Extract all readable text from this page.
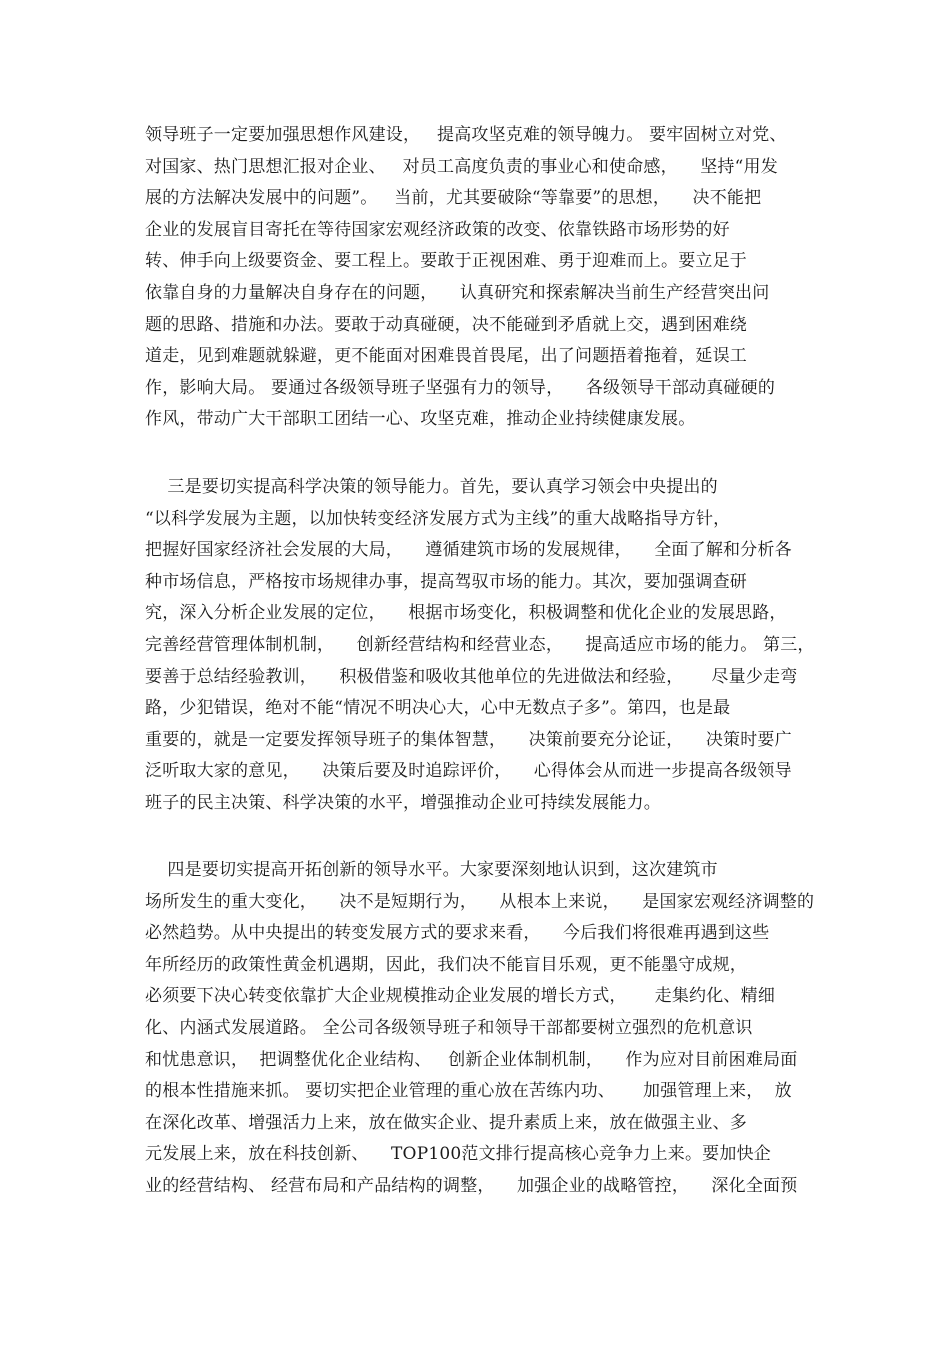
领导班子一定要加强思想作风建设，   提高攻坚克难的领导魄力。 要牢固树立对党、
对国家、热门思想汇报对企业、   对员工高度负责的事业心和使命感，    坚持“用发
展的方法解决发展中的问题”。   当前，尤其要破除“等靠要”的思想，    决不能把
企业的发展盲目寄托在等待国家宏观经济政策的改变、依靠铁路市场形势的好
转、伸手向上级要资金、要工程上。要敢于正视困难、勇于迎难而上。要立足于
依靠自身的力量解决自身存在的问题，    认真研究和探索解决当前生产经营突出问
题的思路、措施和办法。要敢于动真碰硬，决不能碰到矛盾就上交，遇到困难绕
道走，见到难题就躲避，更不能面对困难畏首畏尾，出了问题捂着拖着，延误工
作，影响大局。 要通过各级领导班子坚强有力的领导，    各级领导干部动真碰硬的
作风，带动广大干部职工团结一心、攻坚克难，推动企业持续健康发展。
三是要切实提高科学决策的领导能力。首先，要认真学习领会中央提出的
“以科学发展为主题，以加快转变经济发展方式为主线”的重大战略指导方针，
把握好国家经济社会发展的大局，    遵循建筑市场的发展规律，    全面了解和分析各
种市场信息，严格按市场规律办事，提高驾驭市场的能力。其次，要加强调查研
究，深入分析企业发展的定位，    根据市场变化，积极调整和优化企业的发展思路，
完善经营管理体制机制，    创新经营结构和经营业态，    提高适应市场的能力。 第三，
要善于总结经验教训，    积极借鉴和吸收其他单位的先进做法和经验，     尽量少走弯
路，少犯错误，绝对不能“情况不明决心大，心中无数点子多”。第四，也是最
重要的，就是一定要发挥领导班子的集体智慧，    决策前要充分论证，    决策时要广
泛听取大家的意见，    决策后要及时追踪评价，    心得体会从而进一步提高各级领导
班子的民主决策、科学决策的水平，增强推动企业可持续发展能力。
四是要切实提高开拓创新的领导水平。大家要深刻地认识到，这次建筑市
场所发生的重大变化，    决不是短期行为，    从根本上来说，    是国家宏观经济调整的
必然趋势。从中央提出的转变发展方式的要求来看，    今后我们将很难再遇到这些
年所经历的政策性黄金机遇期，因此，我们决不能盲目乐观，更不能墨守成规，
必须要下决心转变依靠扩大企业规模推动企业发展的增长方式，     走集约化、精细
化、内涵式发展道路。 全公司各级领导班子和领导干部都要树立强烈的危机意识
和忧患意识，  把调整优化企业结构、   创新企业体制机制，    作为应对目前困难局面
的根本性措施来抓。 要切实把企业管理的重心放在苦练内功、     加强管理上来，  放
在深化改革、增强活力上来，放在做实企业、提升素质上来，放在做强主业、多
元发展上来，放在科技创新、    TOP100范文排行提高核心竞争力上来。要加快企
业的经营结构、 经营布局和产品结构的调整，    加强企业的战略管控，    深化全面预
